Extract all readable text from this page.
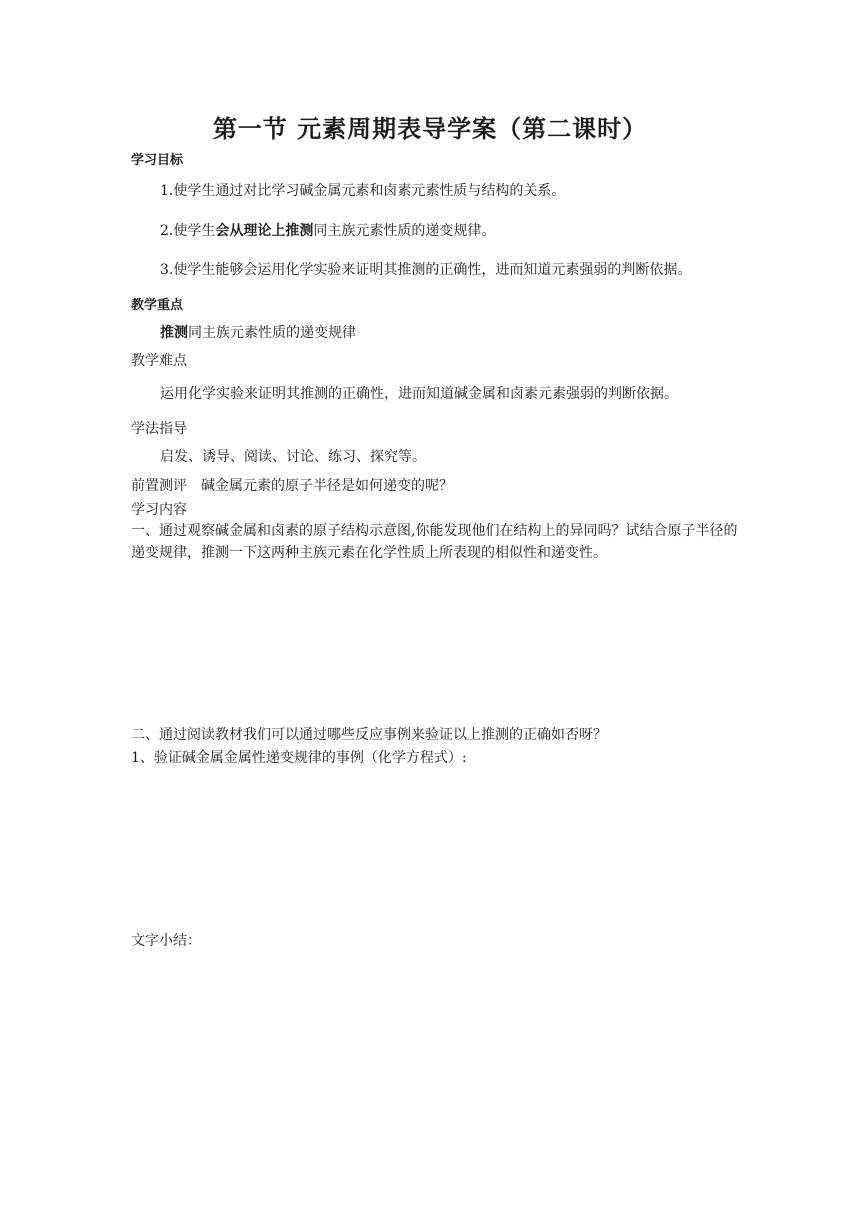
第一节 元素周期表导学案（第二课时）

学习目标

1.使学生通过对比学习碱金属元素和卤素元素性质与结构的关系。

2.使学生会从理论上推测同主族元素性质的递变规律。

3.使学生能够会运用化学实验来证明其推测的正确性，进而知道元素强弱的判断依据。

教学重点

推测同主族元素性质的递变规律

教学难点

运用化学实验来证明其推测的正确性，进而知道碱金属和卤素元素强弱的判断依据。

学法指导

启发、诱导、阅读、讨论、练习、探究等。

前置测评 碱金属元素的原子半径是如何递变的呢？

学习内容

一、通过观察碱金属和卤素的原子结构示意图,你能发现他们在结构上的异同吗？试结合原子半径的递变规律，推测一下这两种主族元素在化学性质上所表现的相似性和递变性。

二、通过阅读教材我们可以通过哪些反应事例来验证以上推测的正确如否呀？

1、验证碱金属金属性递变规律的事例（化学方程式）:

文字小结：
